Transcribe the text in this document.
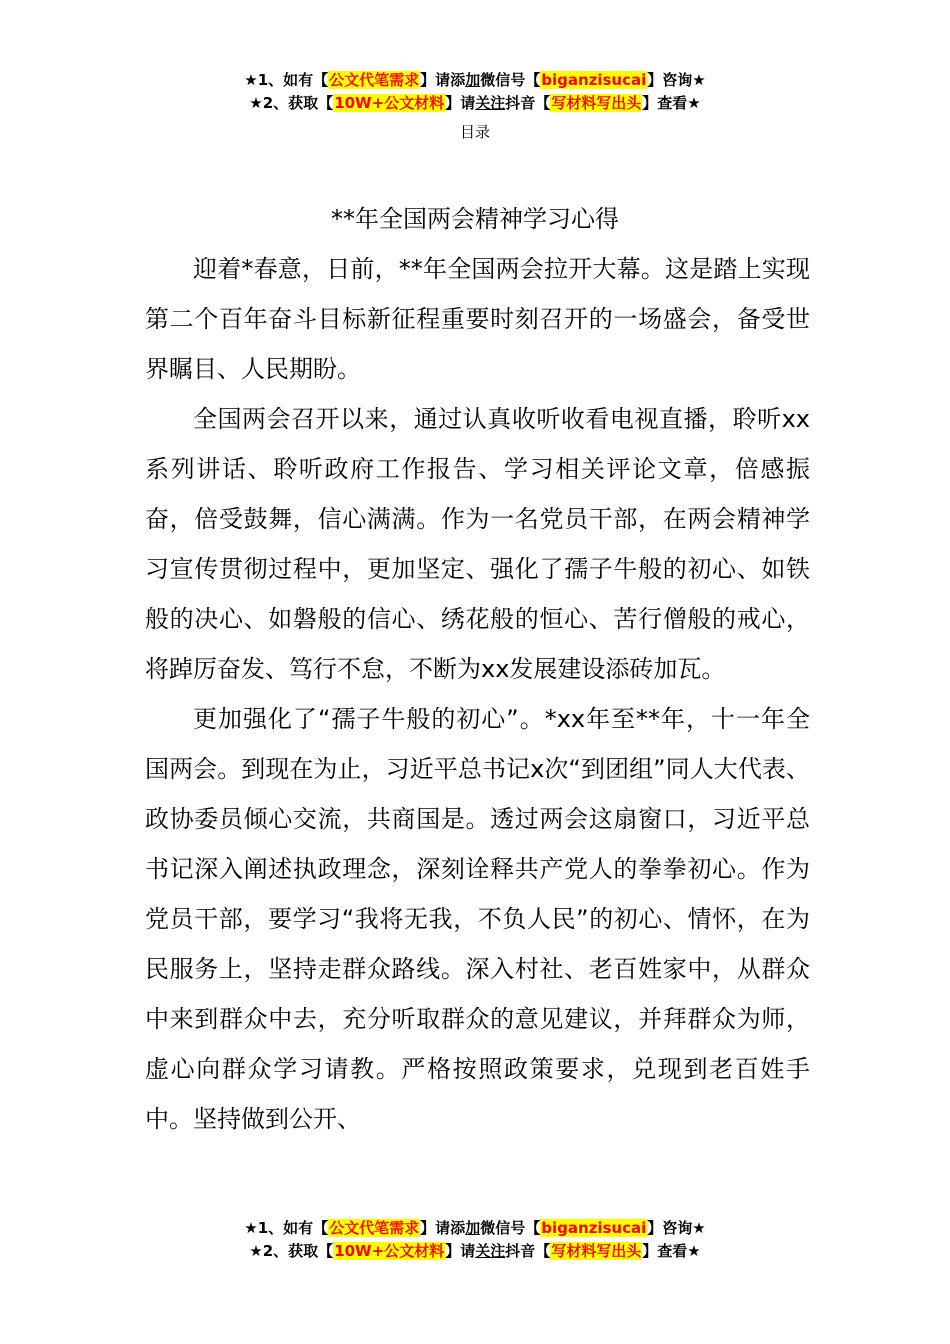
★1、如有【公文代笔需求】请添加微信号【biganzisucai】咨询★
★2、获取【10W+公文材料】请关注抖音【写材料写出头】查看★
目录
**年全国两会精神学习心得

迎着*春意，日前，**年全国两会拉开大幕。这是踏上实现第二个百年奋斗目标新征程重要时刻召开的一场盛会，备受世界瞩目、人民期盼。

全国两会召开以来，通过认真收听收看电视直播，聆听xx系列讲话、聆听政府工作报告、学习相关评论文章，倍感振奋，倍受鼓舞，信心满满。作为一名党员干部，在两会精神学习宣传贯彻过程中，更加坚定、强化了孺子牛般的初心、如铁般的决心、如磐般的信心、绣花般的恒心、苦行僧般的戒心，将踔厉奋发、笃行不怠，不断为xx发展建设添砖加瓦。

更加强化了“孺子牛般的初心”。*xx年至**年，十一年全国两会。到现在为止，习近平总书记x次“到团组”同人大代表、政协委员倾心交流，共商国是。透过两会这扇窗口，习近平总书记深入阐述执政理念，深刻诠释共产党人的拳拳初心。作为党员干部，要学习“我将无我，不负人民”的初心、情怀，在为民服务上，坚持走群众路线。深入村社、老百姓家中，从群众中来到群众中去，充分听取群众的意见建议，并拜群众为师，虚心向群众学习请教。严格按照政策要求，兑现到老百姓手中。坚持做到公开、

★1、如有【公文代笔需求】请添加微信号【biganzisucai】咨询★
★2、获取【10W+公文材料】请关注抖音【写材料写出头】查看★
